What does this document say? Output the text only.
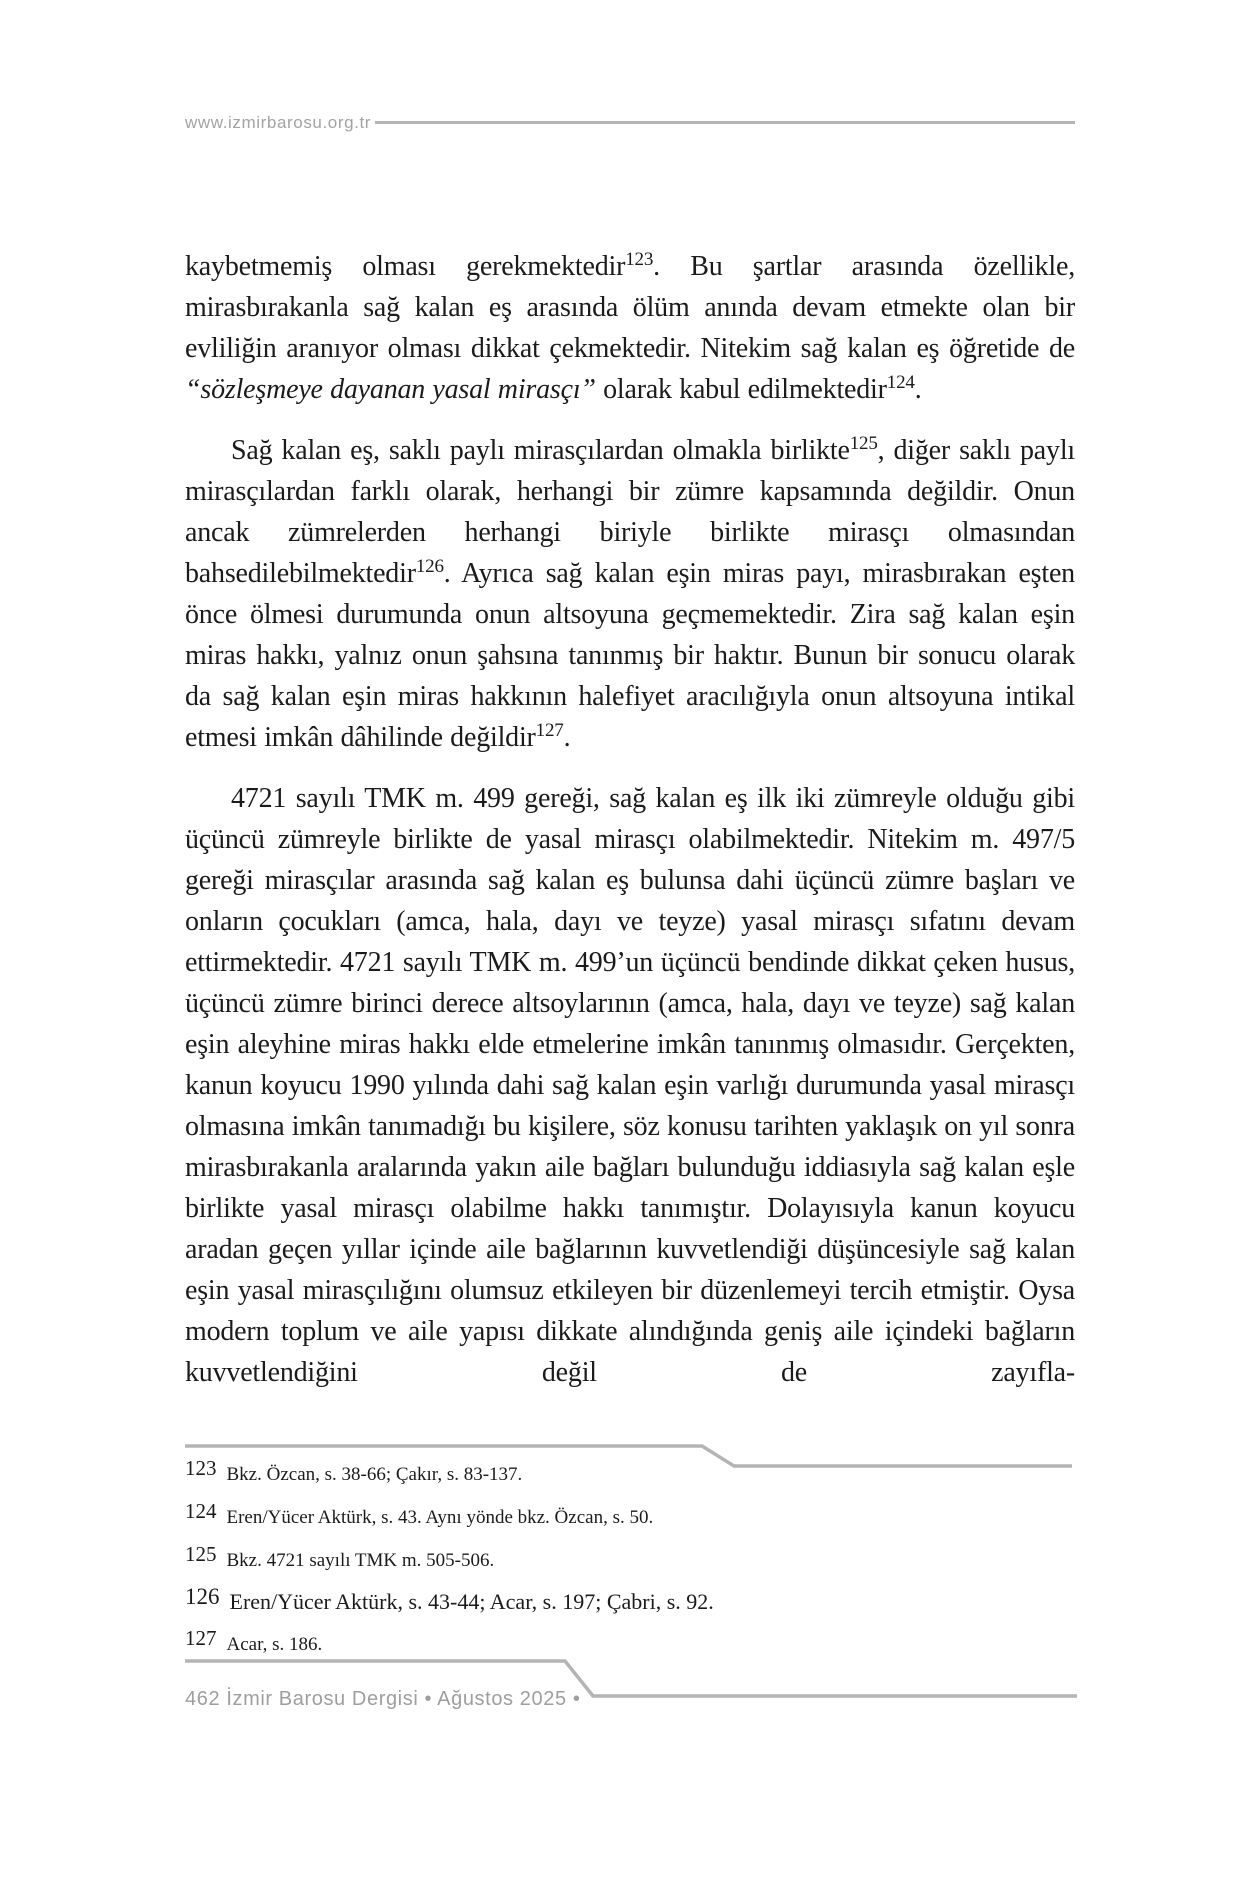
www.izmirbarosu.org.tr

kaybetmemiş olması gerekmektedir$^{123}$. Bu şartlar arasında özellikle, mirasbırakanla sağ kalan eş arasında ölüm anında devam etmekte olan bir evliliğin aranıyor olması dikkat çekmektedir. Nitekim sağ kalan eş öğretide de “sözleşmeye dayanan yasal mirasçı” olarak kabul edilmektedir$^{124}$.

Sağ kalan eş, saklı paylı mirasçılardan olmakla birlikte$^{125}$, diğer saklı paylı mirasçılardan farklı olarak, herhangi bir zümre kapsamında değildir. Onun ancak zümrelerden herhangi biriyle birlikte mirasçı olmasından bahsedilebilmektedir$^{126}$. Ayrıca sağ kalan eşin miras payı, mirasbırakan eşten önce ölmesi durumunda onun altsoyuna geçmemektedir. Zira sağ kalan eşin miras hakkı, yalnız onun şahsına tanınmış bir haktır. Bunun bir sonucu olarak da sağ kalan eşin miras hakkının halefiyet aracılığıyla onun altsoyuna intikal etmesi imkân dâhilinde değildir$^{127}$.

4721 sayılı TMK m. 499 gereği, sağ kalan eş ilk iki zümreyle olduğu gibi üçüncü zümreyle birlikte de yasal mirasçı olabilmektedir. Nitekim m. 497/5 gereği mirasçılar arasında sağ kalan eş bulunsa dahi üçüncü zümre başları ve onların çocukları (amca, hala, dayı ve teyze) yasal mirasçı sıfatını devam ettirmektedir. 4721 sayılı TMK m. 499’un üçüncü bendinde dikkat çeken husus, üçüncü zümre birinci derece altsoylarının (amca, hala, dayı ve teyze) sağ kalan eşin aleyhine miras hakkı elde etmelerine imkân tanınmış olmasıdır. Gerçekten, kanun koyucu 1990 yılında dahi sağ kalan eşin varlığı durumunda yasal mirasçı olmasına imkân tanımadığı bu kişilere, söz konusu tarihten yaklaşık on yıl sonra mirasbırakanla aralarında yakın aile bağları bulunduğu iddiasıyla sağ kalan eşle birlikte yasal mirasçı olabilme hakkı tanımıştır. Dolayısıyla kanun koyucu aradan geçen yıllar içinde aile bağlarının kuvvetlendiği düşüncesiyle sağ kalan eşin yasal mirasçılığını olumsuz etkileyen bir düzenlemeyi tercih etmiştir. Oysa modern toplum ve aile yapısı dikkate alındığında geniş aile içindeki bağların kuvvetlendiğini değil de zayıfla-

123 Bkz. Özcan, s. 38-66; Çakır, s. 83-137.
124 Eren/Yücer Aktürk, s. 43. Aynı yönde bkz. Özcan, s. 50.
125 Bkz. 4721 sayılı TMK m. 505-506.
126 Eren/Yücer Aktürk, s. 43-44; Acar, s. 197; Çabri, s. 92.
127 Acar, s. 186.
462 İzmir Barosu Dergisi • Ağustos 2025 •
